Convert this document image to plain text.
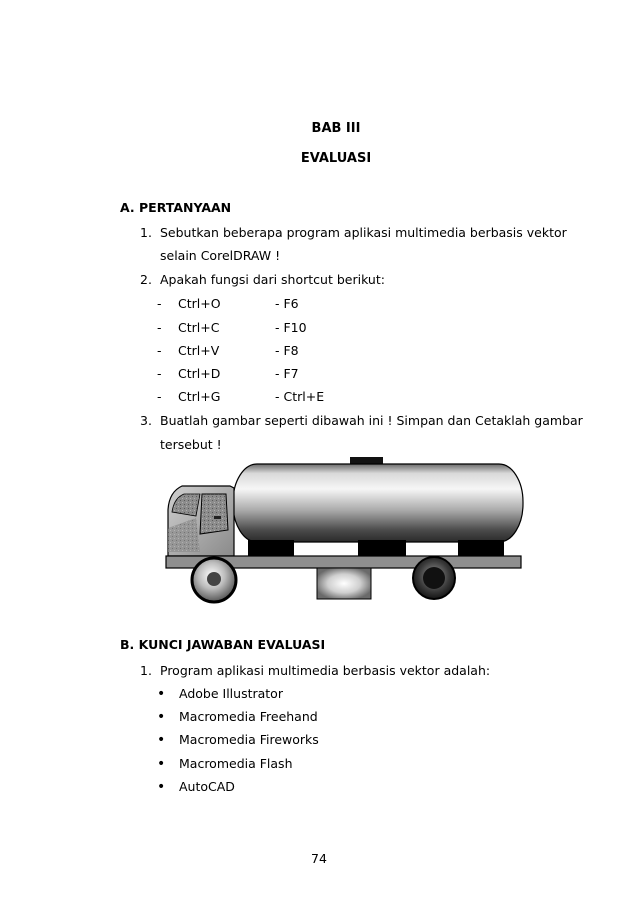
BAB III
EVALUASI
A. PERTANYAAN
1. Sebutkan beberapa program aplikasi multimedia berbasis vektor
selain CorelDRAW !
2. Apakah fungsi dari shortcut berikut:
- Ctrl+O	- F6
- Ctrl+C	- F10
- Ctrl+V	- F8
- Ctrl+D	- F7
- Ctrl+G	- Ctrl+E
3. Buatlah gambar seperti dibawah ini ! Simpan dan Cetaklah gambar
tersebut !
B. KUNCI JAWABAN EVALUASI
1. Program aplikasi multimedia berbasis vektor adalah:
• Adobe Illustrator
• Macromedia Freehand
• Macromedia Fireworks
• Macromedia Flash
• AutoCAD
74
